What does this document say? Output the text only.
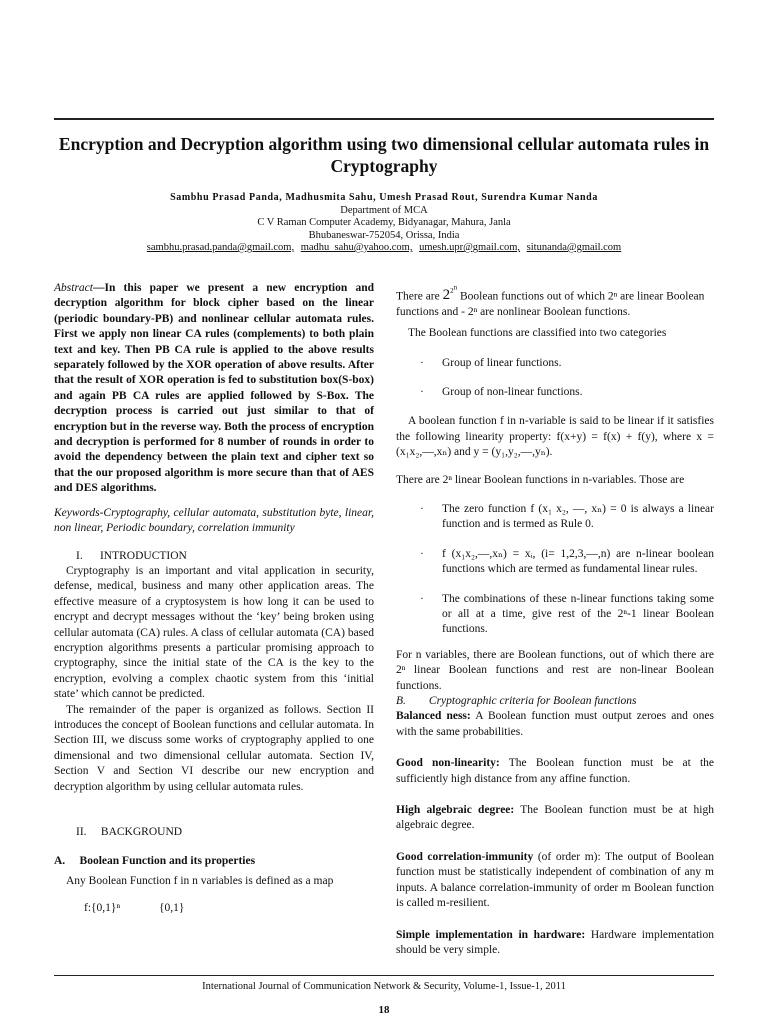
Encryption and Decryption algorithm using two dimensional cellular automata rules in Cryptography
Sambhu Prasad Panda, Madhusmita Sahu, Umesh Prasad Rout, Surendra Kumar Nanda
Department of MCA
C V Raman Computer Academy, Bidyanagar, Mahura, Janla
Bhubaneswar-752054, Orissa, India
sambhu.prasad.panda@gmail.com, madhu_sahu@yahoo.com, umesh.upr@gmail.com, situnanda@gmail.com

Abstract—In this paper we present a new encryption and decryption algorithm for block cipher based on the linear (periodic boundary-PB) and nonlinear cellular automata rules. First we apply non linear CA rules (complements) to both plain text and key. Then PB CA rule is applied to the above results separately followed by the XOR operation of above results. After that the result of XOR operation is fed to substitution box(S-box) and again PB CA rules are applied followed by S-Box. The decryption process is carried out just similar to that of encryption but in the reverse way. Both the process of encryption and decryption is performed for 8 number of rounds in order to avoid the dependency between the plain text and cipher text so that the our proposed algorithm is more secure than that of AES and DES algorithms.

Keywords-Cryptography, cellular automata, substitution byte, linear, non linear, Periodic boundary, correlation immunity

I.      INTRODUCTION

Cryptography is an important and vital application in security, defense, medical, business and many other application areas. The effective measure of a cryptosystem is how long it can be used to encrypt and decrypt messages without the ‘key’ being broken using cellular automata (CA) rules. A class of cellular automata (CA) based encryption algorithms presents a particular promising approach to cryptography, since the initial state of the CA is the key to the encryption, evolving a complex chaotic system from this ‘initial state’ which cannot be predicted.

The remainder of the paper is organized as follows. Section II introduces the concept of Boolean functions and cellular automata. In Section III, we discuss some works of cryptography applied to one dimensional and two dimensional cellular automata. Section IV, Section V and Section VI describe our new encryption and decryption algorithm by using cellular automata rules.

II.     BACKGROUND
A.     Boolean Function and its properties

Any Boolean Function f in n variables is defined as a map

f:{0,1}ⁿ	{0,1}

There are $2^{2^n}$ Boolean functions out of which 2ⁿ are linear Boolean functions and - 2ⁿ are nonlinear Boolean functions.

The Boolean functions are classified into two categories

· Group of linear functions.
· Group of non-linear functions.

A boolean function f in n-variable is said to be linear if it satisfies the following linearity property: f(x+y) = f(x) + f(y), where x = (x₁x₂,—,xₙ) and y = (y₁,y₂,—,yₙ).

There are 2ⁿ linear Boolean functions in n-variables. Those are

· The zero function f (x₁ x₂, —, xₙ) = 0 is always a linear function and is termed as Rule 0.
· f (x₁x₂,—,xₙ) = xᵢ, (i= 1,2,3,—,n) are n-linear boolean functions which are termed as fundamental linear rules.
· The combinations of these n-linear functions taking some or all at a time, give rest of the 2ⁿ-1 linear Boolean functions.

For n variables, there are Boolean functions, out of which there are 2ⁿ linear Boolean functions and rest are non-linear Boolean functions.

B.        Cryptographic criteria for Boolean functions

Balanced ness: A Boolean function must output zeroes and ones with the same probabilities.

Good non-linearity: The Boolean function must be at the sufficiently high distance from any affine function.

High algebraic degree: The Boolean function must be at high algebraic degree.

Good correlation-immunity (of order m): The output of Boolean function must be statistically independent of combination of any m inputs. A balance correlation-immunity of order m Boolean function is called m-resilient.

Simple implementation in hardware: Hardware implementation should be very simple.

International Journal of Communication Network & Security, Volume-1, Issue-1, 2011
18
